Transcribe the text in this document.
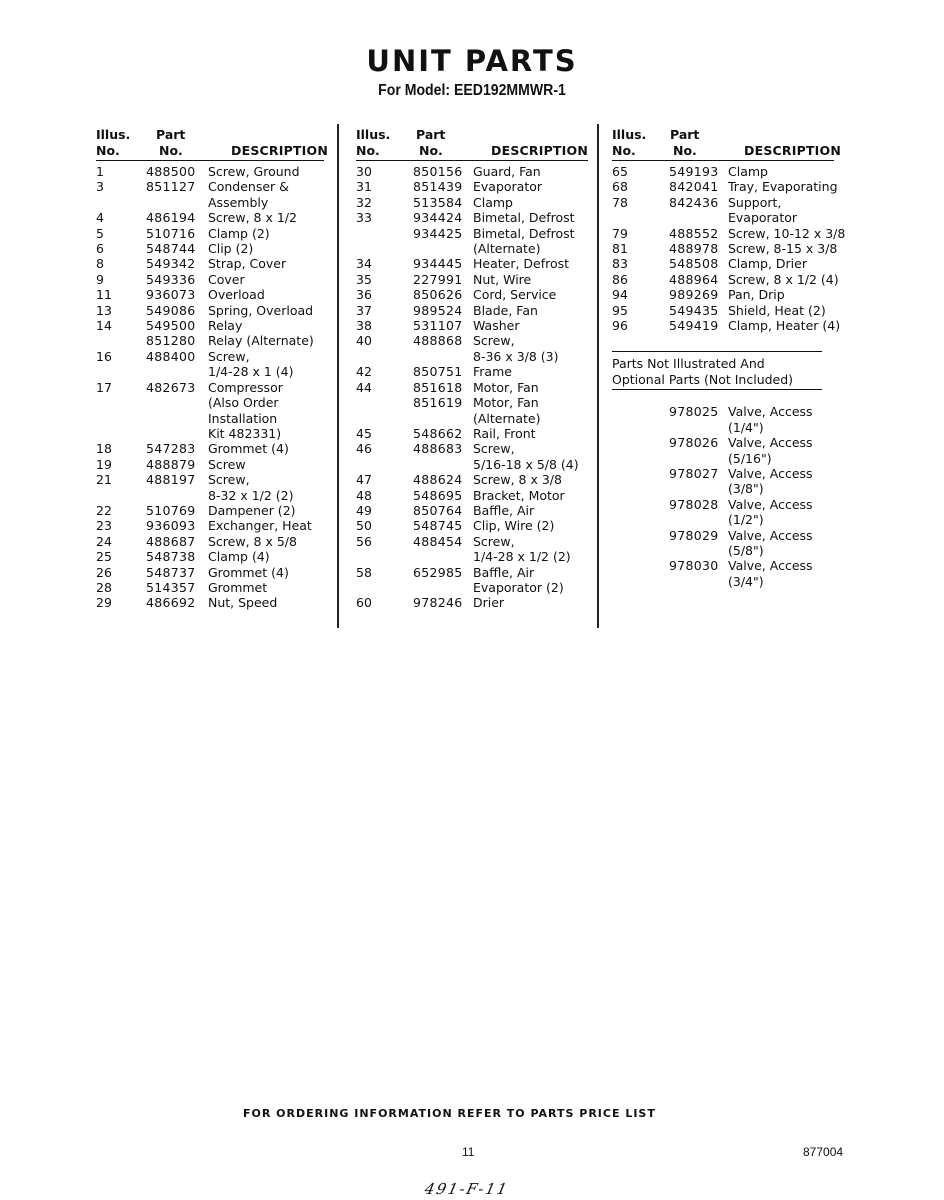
UNIT PARTS
For Model: EED192MMWR-1
Illus.
No.
Part
No.	DESCRIPTION
1	488500 Screw, Ground
3	851127 Condenser &
Assembly
4	486194 Screw, 8 x 1/2
5	510716 Clamp (2)
6	548744 Clip (2)
8	549342 Strap, Cover
9	549336 Cover
11	936073 Overload
13	549086 Spring, Overload
14	549500 Relay
851280 Relay (Alternate)
16	488400 Screw,
1/4-28 x 1 (4)
17	482673 Compressor
(Also Order
Installation
Kit 482331)
18	547283 Grommet (4)
19	488879 Screw
21	488197 Screw,
8-32 x 1/2 (2)
22	510769 Dampener (2)
23	936093 Exchanger, Heat
24	488687 Screw, 8 x 5/8
25	548738 Clamp (4)
26	548737 Grommet (4)
28	514357 Grommet
29	486692 Nut, Speed
Illus.
No.
Part
No.	DESCRIPTION
30	850156 Guard, Fan
31	851439 Evaporator
32	513584 Clamp
33	934424 Bimetal, Defrost
934425 Bimetal, Defrost
(Alternate)
34	934445 Heater, Defrost
35	227991 Nut, Wire
36	850626 Cord, Service
37	989524 Blade, Fan
38	531107 Washer
40	488868 Screw,
8-36 x 3/8 (3)
42	850751 Frame
44	851618 Motor, Fan
851619 Motor, Fan
(Alternate)
45	548662 Rail, Front
46	488683 Screw,
5/16-18 x 5/8 (4)
47	488624 Screw, 8 x 3/8
48	548695 Bracket, Motor
49	850764 Baffle, Air
50	548745 Clip, Wire (2)
56	488454 Screw,
1/4-28 x 1/2 (2)
58	652985 Baffle, Air
Evaporator (2)
60	978246 Drier
Illus.
No.
Part
No.	DESCRIPTION
65	549193 Clamp
68	842041 Tray, Evaporating
78	842436 Support,
Evaporator
79	488552 Screw, 10-12 x 3/8
81	488978 Screw, 8-15 x 3/8
83	548508 Clamp, Drier
86	488964 Screw, 8 x 1/2 (4)
94	989269 Pan, Drip
95	549435 Shield, Heat (2)
96	549419 Clamp, Heater (4)
Parts Not Illustrated And
Optional Parts (Not Included)
978025 Valve, Access
(1/4")
978026 Valve, Access
(5/16")
978027 Valve, Access
(3/8")
978028 Valve, Access
(1/2")
978029 Valve, Access
(5/8")
978030 Valve, Access
(3/4")
FOR ORDERING INFORMATION REFER TO PARTS PRICE LIST
11	877004
491-F-11
